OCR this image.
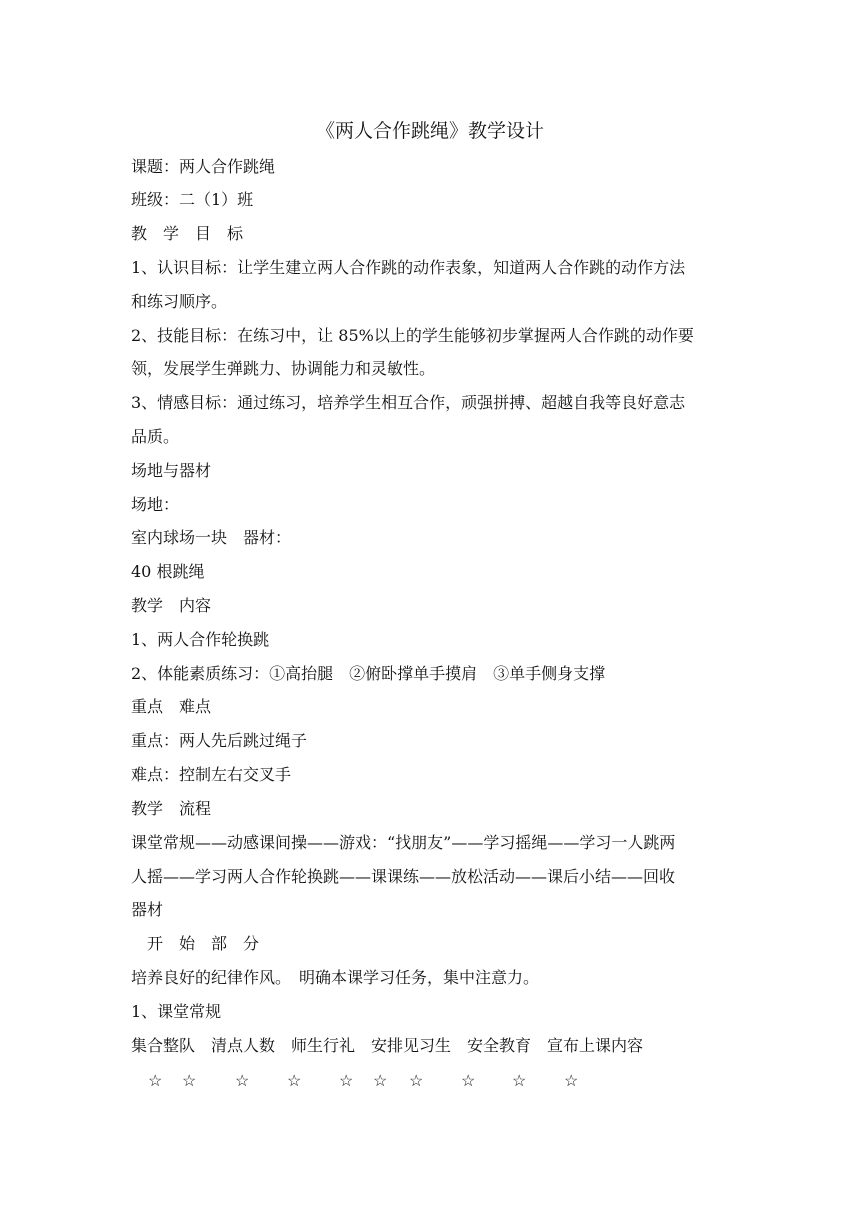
《两人合作跳绳》教学设计
课题：两人合作跳绳
班级：二（1）班
教　学　目　标
1、认识目标：让学生建立两人合作跳的动作表象，知道两人合作跳的动作方法
和练习顺序。
2、技能目标：在练习中，让 85%以上的学生能够初步掌握两人合作跳的动作要
领，发展学生弹跳力、协调能力和灵敏性。
3、情感目标：通过练习，培养学生相互合作，顽强拼搏、超越自我等良好意志
品质。
场地与器材
场地：
室内球场一块　器材：
40 根跳绳
教学　内容
1、两人合作轮换跳
2、体能素质练习：①高抬腿　②俯卧撑单手摸肩　③单手侧身支撑
重点　难点
重点：两人先后跳过绳子
难点：控制左右交叉手
教学　流程
课堂常规——动感课间操——游戏：“找朋友”——学习摇绳——学习一人跳两
人摇——学习两人合作轮换跳——课课练——放松活动——课后小结——回收
器材
　开　始　部　分
培养良好的纪律作风。　明确本课学习任务，集中注意力。
1、课堂常规
集合整队　清点人数　师生行礼　安排见习生　安全教育　宣布上课内容
☆ ☆ ☆ ☆ ☆ ☆ ☆ ☆ ☆ ☆
